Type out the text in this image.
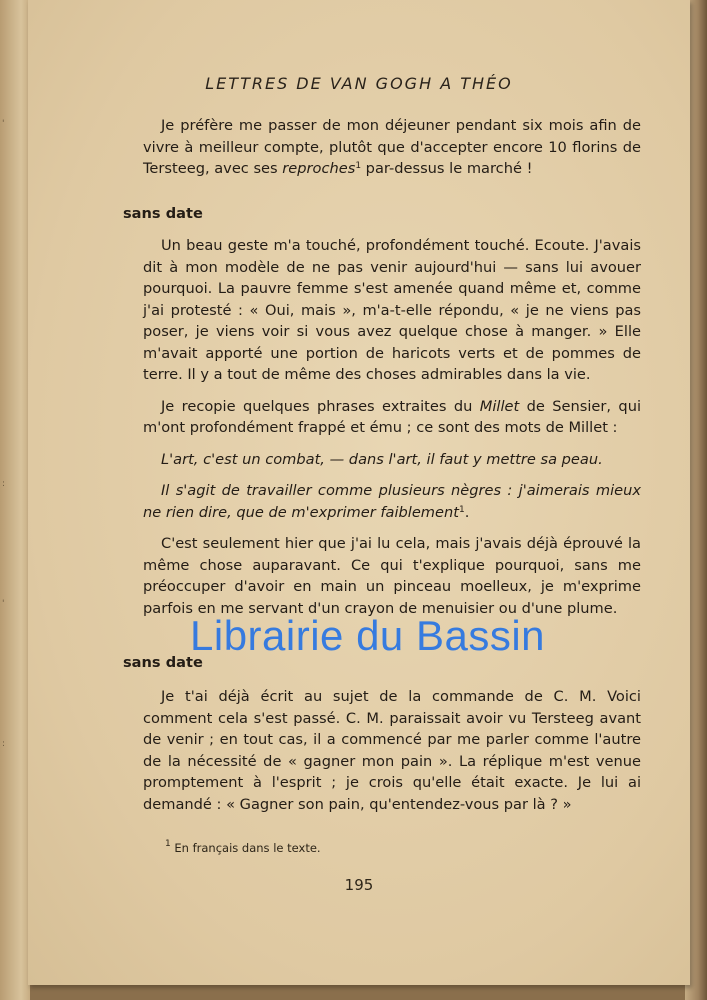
'
:
'
:
LETTRES DE VAN GOGH A THÉO

Je préfère me passer de mon déjeuner pendant six mois afin de vivre à meilleur compte, plutôt que d'accepter encore 10 florins de Tersteeg, avec ses reproches$^1$ par-dessus le marché !

sans date

Un beau geste m'a touché, profondément touché. Ecoute. J'avais dit à mon modèle de ne pas venir aujourd'hui — sans lui avouer pourquoi. La pauvre femme s'est amenée quand même et, comme j'ai protesté : « Oui, mais », m'a-t-elle répondu, « je ne viens pas poser, je viens voir si vous avez quelque chose à manger. » Elle m'avait apporté une portion de haricots verts et de pommes de terre. Il y a tout de même des choses admirables dans la vie.

Je recopie quelques phrases extraites du Millet de Sensier, qui m'ont profondément frappé et ému ; ce sont des mots de Millet :

L'art, c'est un combat, — dans l'art, il faut y mettre sa peau.

Il s'agit de travailler comme plusieurs nègres : j'aimerais mieux ne rien dire, que de m'exprimer faiblement$^1$.

C'est seulement hier que j'ai lu cela, mais j'avais déjà éprouvé la même chose auparavant. Ce qui t'explique pourquoi, sans me préoccuper d'avoir en main un pinceau moelleux, je m'exprime parfois en me servant d'un crayon de menuisier ou d'une plume.

sans date

Je t'ai déjà écrit au sujet de la commande de C. M. Voici comment cela s'est passé. C. M. paraissait avoir vu Tersteeg avant de venir ; en tout cas, il a commencé par me parler comme l'autre de la nécessité de « gagner mon pain ». La réplique m'est venue promptement à l'esprit ; je crois qu'elle était exacte. Je lui ai demandé : « Gagner son pain, qu'entendez-vous par là ? »

$^1$ En français dans le texte.
195
Librairie du Bassin
